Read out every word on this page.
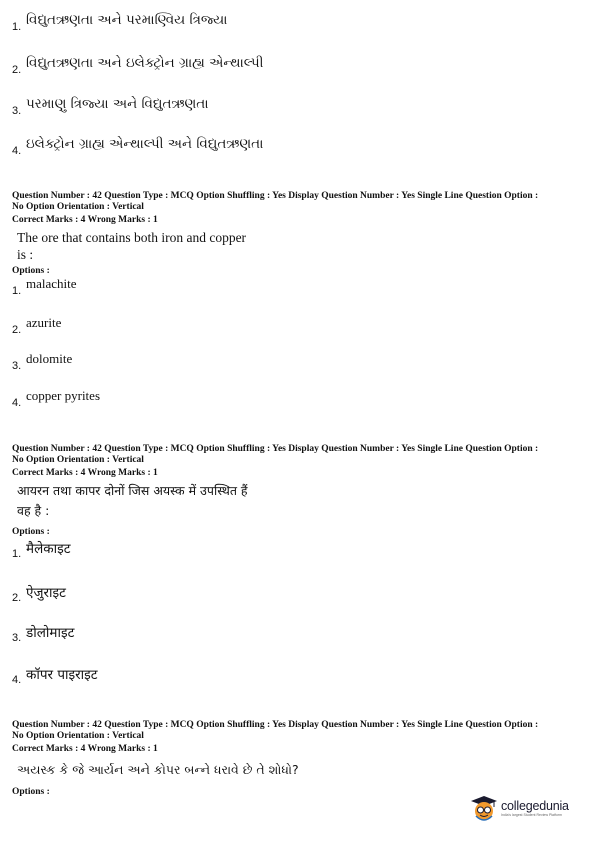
1. વિદ્યુતઋણતા અને પરમાણ્વિય ત્રિજ્યા
2. વિદ્યુતઋણતા અને ઇલેક્ટ્રોન ગ્રાહ્ય એન્થાલ્પી
3. પરમાણુ ત્રિજ્યા અને વિદ્યુતઋણતા
4. ઇલેક્ટ્રોન ગ્રાહ્ય એન્થાલ્પી અને વિદ્યુતઋણતા
Question Number : 42 Question Type : MCQ Option Shuffling : Yes Display Question Number : Yes Single Line Question Option :
No Option Orientation : Vertical
Correct Marks : 4 Wrong Marks : 1
The ore that contains both iron and copper
is :
Options :
1. malachite
2. azurite
3. dolomite
4. copper pyrites
Question Number : 42 Question Type : MCQ Option Shuffling : Yes Display Question Number : Yes Single Line Question Option :
No Option Orientation : Vertical
Correct Marks : 4 Wrong Marks : 1
आयरन तथा कापर दोनों जिस अयस्क में उपस्थित हैं
वह है :
Options :
1. मैलेकाइट
2. ऐजुराइट
3. डोलोमाइट
4. कॉपर पाइराइट
Question Number : 42 Question Type : MCQ Option Shuffling : Yes Display Question Number : Yes Single Line Question Option :
No Option Orientation : Vertical
Correct Marks : 4 Wrong Marks : 1
અયસ્ક કે જે આર્યન અને કોપર બન્ને ધરાવે છે તે શોધો?
Options :
collegedunia
India's largest Student Review Platform
